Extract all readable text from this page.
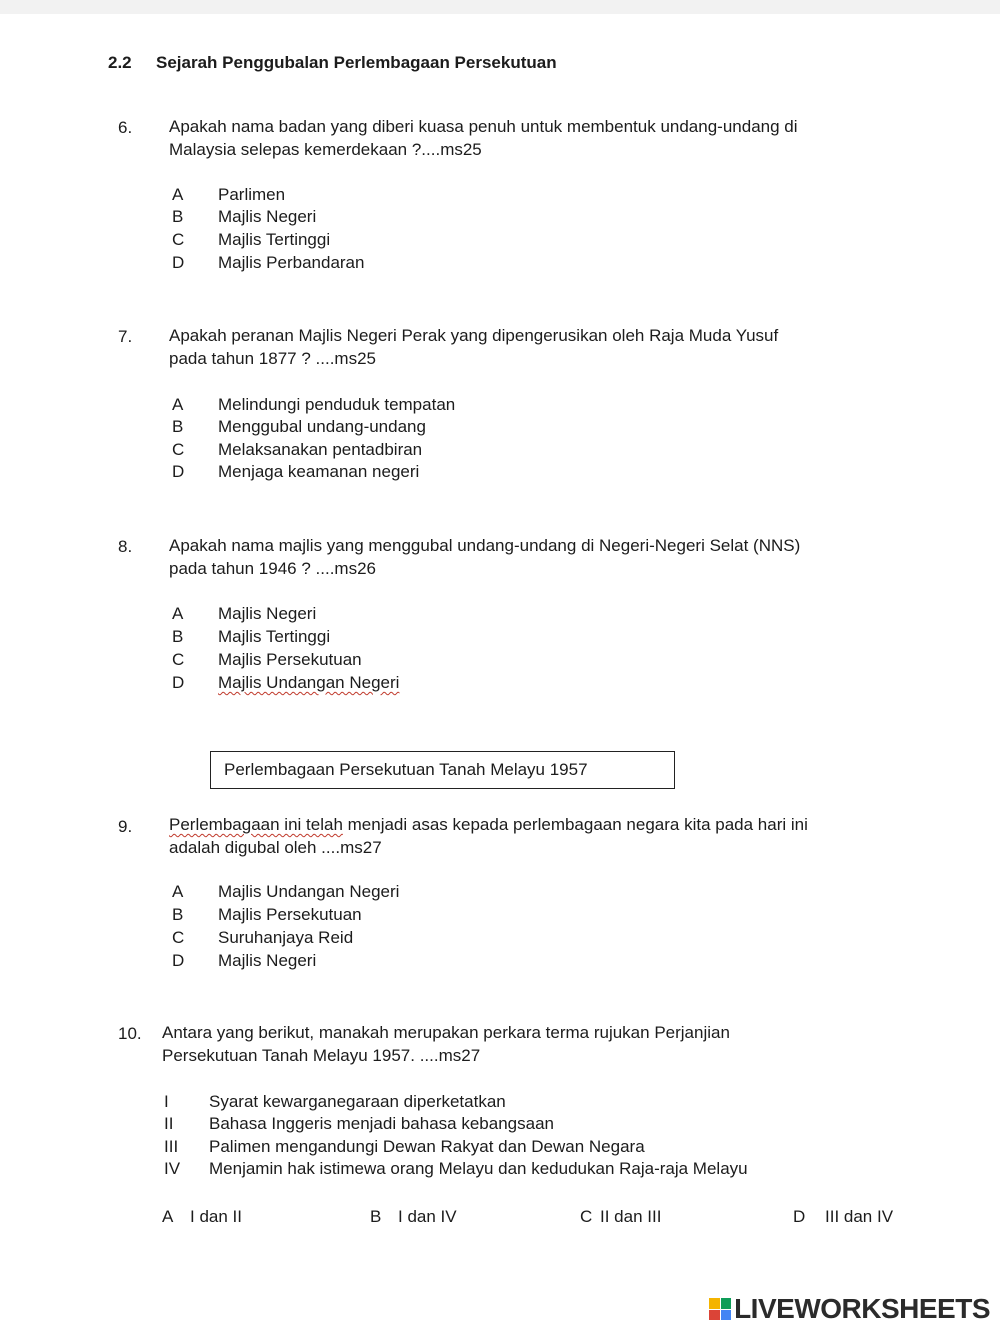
2.2 Sejarah Penggubalan Perlembagaan Persekutuan
6. Apakah nama badan yang diberi kuasa penuh untuk membentuk undang-undang di
Malaysia selepas kemerdekaan ?....ms25
A Parlimen
B Majlis Negeri
C Majlis Tertinggi
D Majlis Perbandaran
7. Apakah peranan Majlis Negeri Perak yang dipengerusikan oleh Raja Muda Yusuf
pada tahun 1877 ? ....ms25
A Melindungi penduduk tempatan
B Menggubal undang-undang
C Melaksanakan pentadbiran
D Menjaga keamanan negeri
8. Apakah nama majlis yang menggubal undang-undang di Negeri-Negeri Selat (NNS)
pada tahun 1946 ? ....ms26
A Majlis Negeri
B Majlis Tertinggi
C Majlis Persekutuan
D Majlis Undangan Negeri
Perlembagaan Persekutuan Tanah Melayu 1957
9. Perlembagaan ini telah menjadi asas kepada perlembagaan negara kita pada hari ini
adalah digubal oleh ....ms27
A Majlis Undangan Negeri
B Majlis Persekutuan
C Suruhanjaya Reid
D Majlis Negeri
10. Antara yang berikut, manakah merupakan perkara terma rujukan Perjanjian
Persekutuan Tanah Melayu 1957. ....ms27
I Syarat kewarganegaraan diperketatkan
II Bahasa Inggeris menjadi bahasa kebangsaan
III Palimen mengandungi Dewan Rakyat dan Dewan Negara
IV Menjamin hak istimewa orang Melayu dan kedudukan Raja-raja Melayu
A I dan II	B I dan IV	C II dan III	D III dan IV
LIVEWORKSHEETS
